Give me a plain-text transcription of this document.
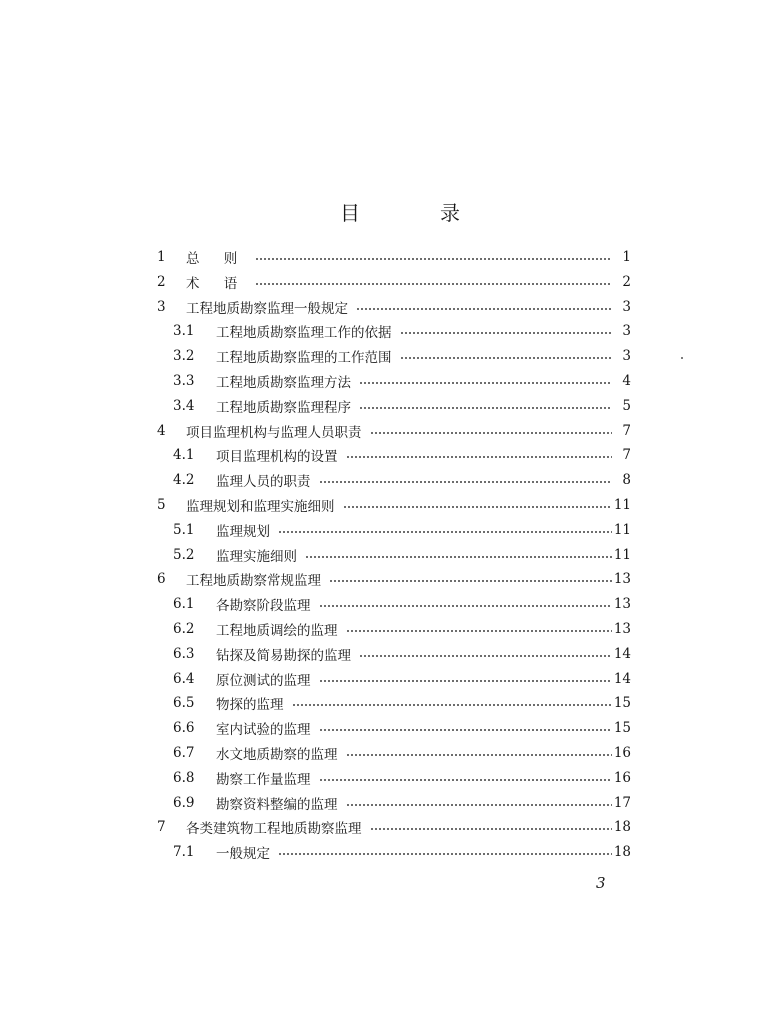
目	录
1 总 则	1
2 术 语	2
3 工程地质勘察监理一般规定	3
3.1 工程地质勘察监理工作的依据	3
3.2 工程地质勘察监理的工作范围	3
3.3 工程地质勘察监理方法	4
3.4 工程地质勘察监理程序	5
4 项目监理机构与监理人员职责	7
4.1 项目监理机构的设置	7
4.2 监理人员的职责	8
5 监理规划和监理实施细则	11
5.1 监理规划	11
5.2 监理实施细则	11
6 工程地质勘察常规监理	13
6.1 各勘察阶段监理	13
6.2 工程地质调绘的监理	13
6.3 钻探及简易勘探的监理	14
6.4 原位测试的监理	14
6.5 物探的监理	15
6.6 室内试验的监理	15
6.7 水文地质勘察的监理	16
6.8 勘察工作量监理	16
6.9 勘察资料整编的监理	17
7 各类建筑物工程地质勘察监理	18
7.1 一般规定	18
3
